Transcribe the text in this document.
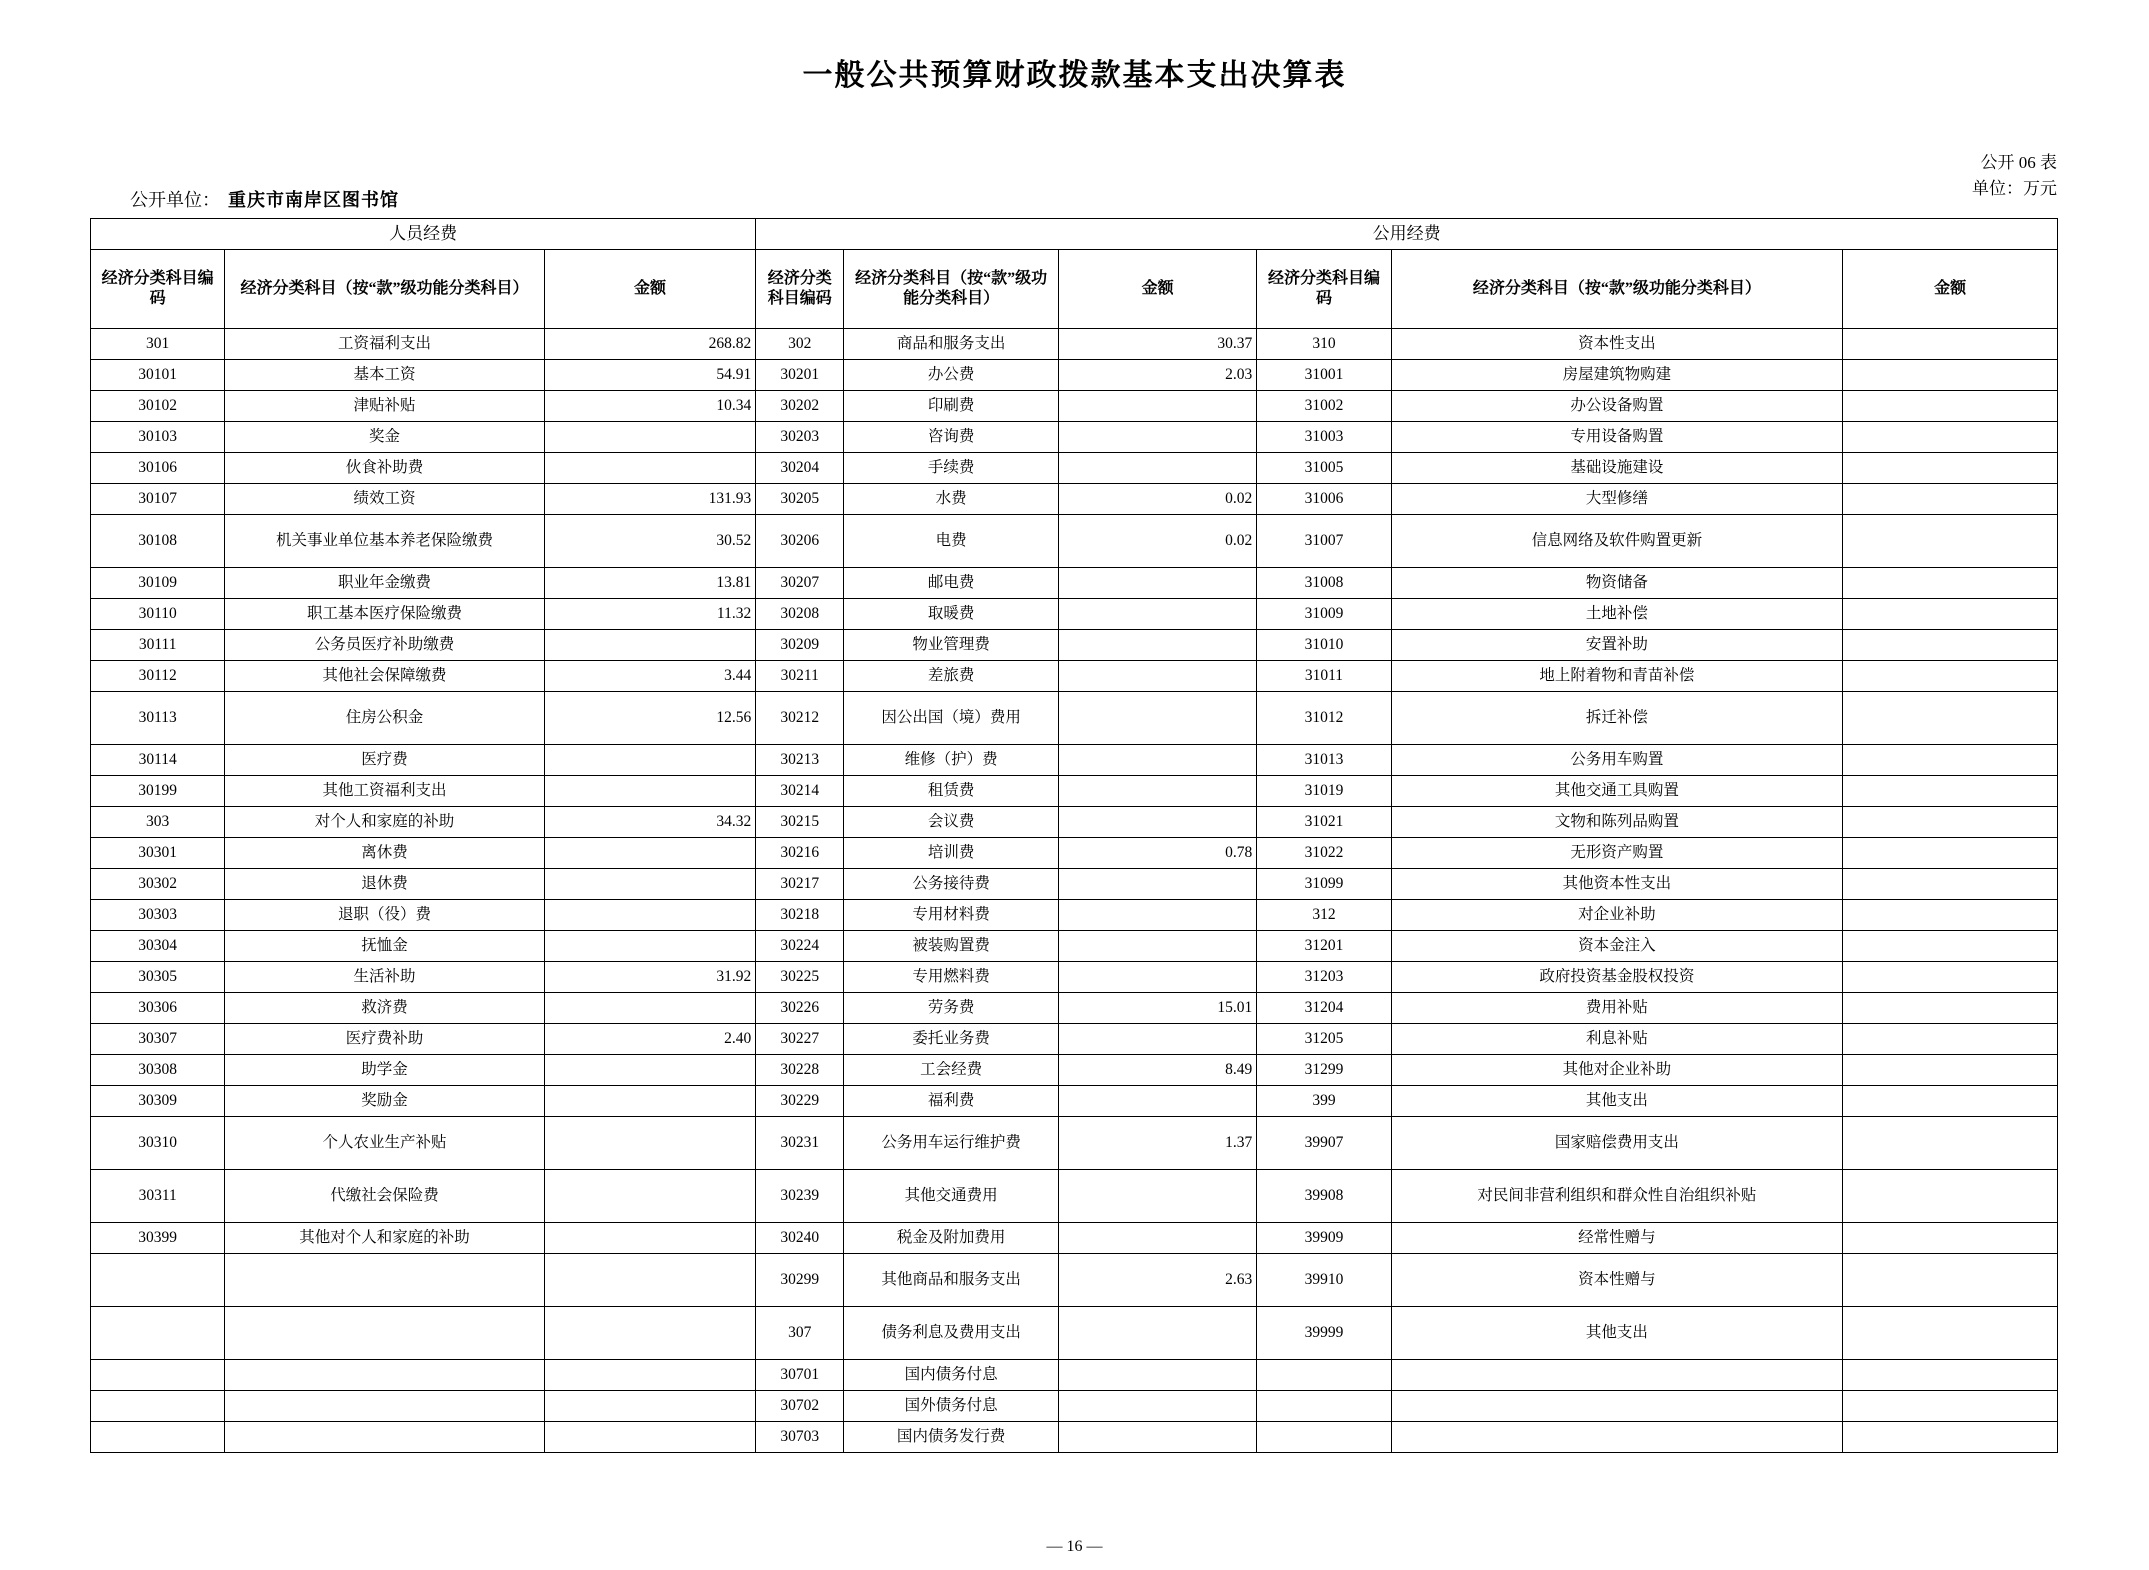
一般公共预算财政拨款基本支出决算表
公开 06 表
单位：万元
公开单位： 重庆市南岸区图书馆
人员经费			公用经费					
经济分类科目编码	经济分类科目（按“款”级功能分类科目）	金额	经济分类科目编码	经济分类科目（按“款”级功能分类科目）	金额	经济分类科目编码	经济分类科目（按“款”级功能分类科目）	金额
301	工资福利支出	268.82	302	商品和服务支出	30.37	310	资本性支出	

30101	基本工资	54.91	30201	办公费	2.03	31001	房屋建筑物购建	

30102	津贴补贴	10.34	30202	印刷费		31002	办公设备购置	

30103	奖金		30203	咨询费		31003	专用设备购置	

30106	伙食补助费		30204	手续费		31005	基础设施建设	

30107	绩效工资	131.93	30205	水费	0.02	31006	大型修缮	

30108	机关事业单位基本养老保险缴费	30.52	30206	电费	0.02	31007	信息网络及软件购置更新	

30109	职业年金缴费	13.81	30207	邮电费		31008	物资储备	

30110	职工基本医疗保险缴费	11.32	30208	取暖费		31009	土地补偿	

30111	公务员医疗补助缴费		30209	物业管理费		31010	安置补助	

30112	其他社会保障缴费	3.44	30211	差旅费		31011	地上附着物和青苗补偿	

30113	住房公积金	12.56	30212	因公出国（境）费用		31012	拆迁补偿	

30114	医疗费		30213	维修（护）费		31013	公务用车购置	

30199	其他工资福利支出		30214	租赁费		31019	其他交通工具购置	

303	对个人和家庭的补助	34.32	30215	会议费		31021	文物和陈列品购置	

30301	离休费		30216	培训费	0.78	31022	无形资产购置	

30302	退休费		30217	公务接待费		31099	其他资本性支出	

30303	退职（役）费		30218	专用材料费		312	对企业补助	

30304	抚恤金		30224	被装购置费		31201	资本金注入	

30305	生活补助	31.92	30225	专用燃料费		31203	政府投资基金股权投资	

30306	救济费		30226	劳务费	15.01	31204	费用补贴	

30307	医疗费补助	2.40	30227	委托业务费		31205	利息补贴	

30308	助学金		30228	工会经费	8.49	31299	其他对企业补助	

30309	奖励金		30229	福利费		399	其他支出	

30310	个人农业生产补贴		30231	公务用车运行维护费	1.37	39907	国家赔偿费用支出	

30311	代缴社会保险费		30239	其他交通费用		39908	对民间非营利组织和群众性自治组织补贴	

30399	其他对个人和家庭的补助		30240	税金及附加费用		39909	经常性赠与	

		30299	其他商品和服务支出	2.63	39910	资本性赠与	

		307	债务利息及费用支出		39999	其他支出	

		30701	国内债务付息				

		30702	国外债务付息				

		30703	国内债务发行费				

— 16 —
